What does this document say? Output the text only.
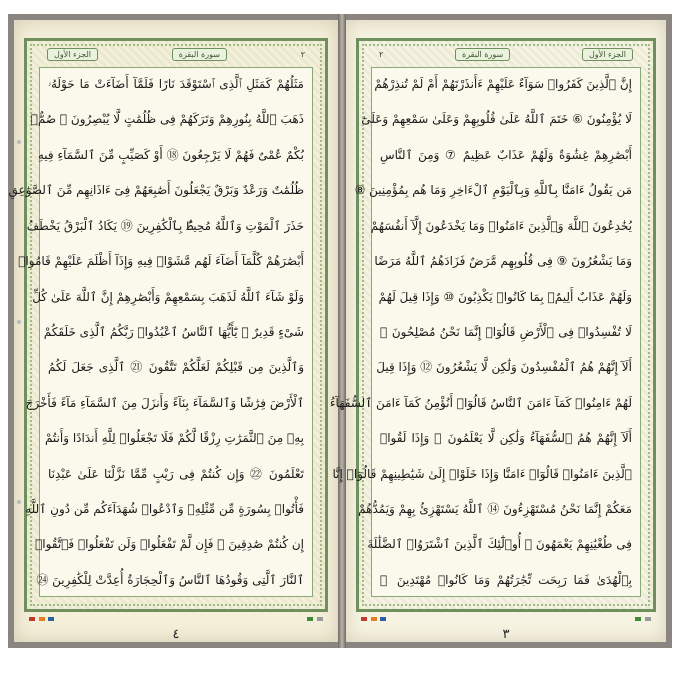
الجزء الأول	سورة البقرة	٢
مَثَلُهُمْ كَمَثَلِ ٱلَّذِى ٱسْتَوْقَدَ نَارًا فَلَمَّآ أَضَآءَتْ مَا حَوْلَهُۥ
ذَهَبَ ٱللَّهُ بِنُورِهِمْ وَتَرَكَهُمْ فِى ظُلُمَٰتٍ لَّا يُبْصِرُونَ ⑰ صُمٌّۢ
بُكْمٌ عُمْىٌ فَهُمْ لَا يَرْجِعُونَ ⑱ أَوْ كَصَيِّبٍ مِّنَ ٱلسَّمَآءِ فِيهِ
ظُلُمَٰتٌ وَرَعْدٌ وَبَرْقٌ يَجْعَلُونَ أَصَٰبِعَهُمْ فِىٓ ءَاذَانِهِم مِّنَ ٱلصَّوَٰعِقِ
حَذَرَ ٱلْمَوْتِ وَٱللَّهُ مُحِيطٌۢ بِٱلْكَٰفِرِينَ ⑲ يَكَادُ ٱلْبَرْقُ يَخْطَفُ
أَبْصَٰرَهُمْ كُلَّمَآ أَضَآءَ لَهُم مَّشَوْا۟ فِيهِ وَإِذَآ أَظْلَمَ عَلَيْهِمْ قَامُوا۟
وَلَوْ شَآءَ ٱللَّهُ لَذَهَبَ بِسَمْعِهِمْ وَأَبْصَٰرِهِمْ إِنَّ ٱللَّهَ عَلَىٰ كُلِّ
شَىْءٍ قَدِيرٌ ⑳ يَٰٓأَيُّهَا ٱلنَّاسُ ٱعْبُدُوا۟ رَبَّكُمُ ٱلَّذِى خَلَقَكُمْ
وَٱلَّذِينَ مِن قَبْلِكُمْ لَعَلَّكُمْ تَتَّقُونَ ㉑ ٱلَّذِى جَعَلَ لَكُمُ
ٱلْأَرْضَ فِرَٰشًا وَٱلسَّمَآءَ بِنَآءً وَأَنزَلَ مِنَ ٱلسَّمَآءِ مَآءً فَأَخْرَجَ
بِهِۦ مِنَ ٱلثَّمَرَٰتِ رِزْقًا لَّكُمْ فَلَا تَجْعَلُوا۟ لِلَّهِ أَندَادًا وَأَنتُمْ
تَعْلَمُونَ ㉒ وَإِن كُنتُمْ فِى رَيْبٍ مِّمَّا نَزَّلْنَا عَلَىٰ عَبْدِنَا
فَأْتُوا۟ بِسُورَةٍ مِّن مِّثْلِهِۦ وَٱدْعُوا۟ شُهَدَآءَكُم مِّن دُونِ ٱللَّهِ
إِن كُنتُمْ صَٰدِقِينَ ㉓ فَإِن لَّمْ تَفْعَلُوا۟ وَلَن تَفْعَلُوا۟ فَٱتَّقُوا۟
ٱلنَّارَ ٱلَّتِى وَقُودُهَا ٱلنَّاسُ وَٱلْحِجَارَةُ أُعِدَّتْ لِلْكَٰفِرِينَ ㉔

٤
٢	سورة البقرة	الجزء الأول
إِنَّ ٱلَّذِينَ كَفَرُوا۟ سَوَآءٌ عَلَيْهِمْ ءَأَنذَرْتَهُمْ أَمْ لَمْ تُنذِرْهُمْ
لَا يُؤْمِنُونَ ⑥ خَتَمَ ٱللَّهُ عَلَىٰ قُلُوبِهِمْ وَعَلَىٰ سَمْعِهِمْ وَعَلَىٰٓ
أَبْصَٰرِهِمْ غِشَٰوَةٌ وَلَهُمْ عَذَابٌ عَظِيمٌ ⑦ وَمِنَ ٱلنَّاسِ
مَن يَقُولُ ءَامَنَّا بِٱللَّهِ وَبِٱلْيَوْمِ ٱلْءَاخِرِ وَمَا هُم بِمُؤْمِنِينَ ⑧
يُخَٰدِعُونَ ٱللَّهَ وَٱلَّذِينَ ءَامَنُوا۟ وَمَا يَخْدَعُونَ إِلَّآ أَنفُسَهُمْ
وَمَا يَشْعُرُونَ ⑨ فِى قُلُوبِهِم مَّرَضٌ فَزَادَهُمُ ٱللَّهُ مَرَضًا
وَلَهُمْ عَذَابٌ أَلِيمٌۢ بِمَا كَانُوا۟ يَكْذِبُونَ ⑩ وَإِذَا قِيلَ لَهُمْ
لَا تُفْسِدُوا۟ فِى ٱلْأَرْضِ قَالُوٓا۟ إِنَّمَا نَحْنُ مُصْلِحُونَ ⑪
أَلَآ إِنَّهُمْ هُمُ ٱلْمُفْسِدُونَ وَلَٰكِن لَّا يَشْعُرُونَ ⑫ وَإِذَا قِيلَ
لَهُمْ ءَامِنُوا۟ كَمَآ ءَامَنَ ٱلنَّاسُ قَالُوٓا۟ أَنُؤْمِنُ كَمَآ ءَامَنَ ٱلسُّفَهَآءُ
أَلَآ إِنَّهُمْ هُمُ ٱلسُّفَهَآءُ وَلَٰكِن لَّا يَعْلَمُونَ ⑬ وَإِذَا لَقُوا۟
ٱلَّذِينَ ءَامَنُوا۟ قَالُوٓا۟ ءَامَنَّا وَإِذَا خَلَوْا۟ إِلَىٰ شَيَٰطِينِهِمْ قَالُوٓا۟ إِنَّا
مَعَكُمْ إِنَّمَا نَحْنُ مُسْتَهْزِءُونَ ⑭ ٱللَّهُ يَسْتَهْزِئُ بِهِمْ وَيَمُدُّهُمْ
فِى طُغْيَٰنِهِمْ يَعْمَهُونَ ⑮ أُو۟لَٰٓئِكَ ٱلَّذِينَ ٱشْتَرَوُا۟ ٱلضَّلَٰلَةَ
بِٱلْهُدَىٰ فَمَا رَبِحَت تِّجَٰرَتُهُمْ وَمَا كَانُوا۟ مُهْتَدِينَ ⑯

٣
